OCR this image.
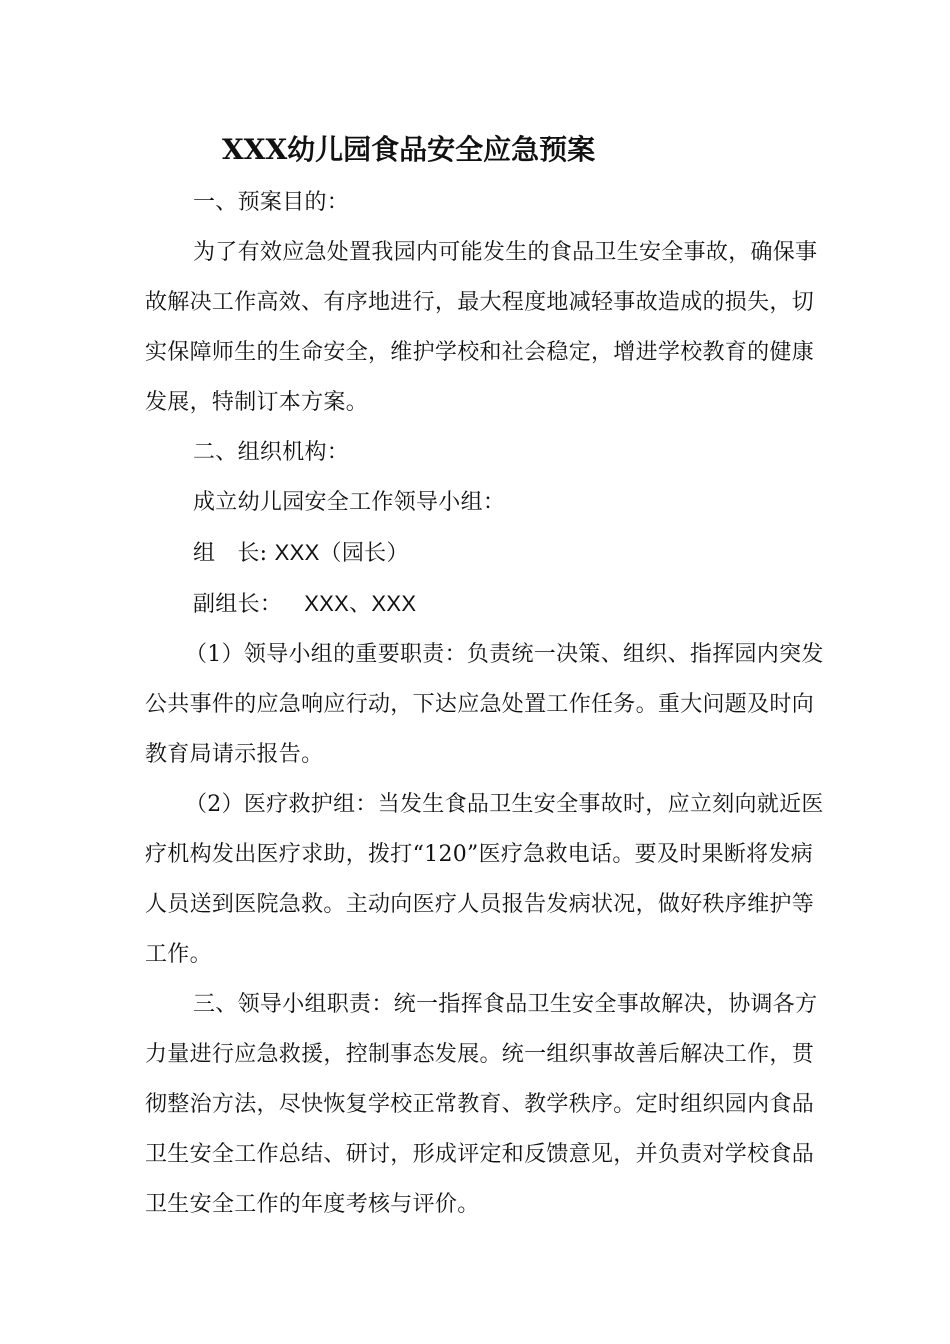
XXX幼儿园食品安全应急预案

一、预案目的：

为了有效应急处置我园内可能发生的食品卫生安全事故，确保事故解决工作高效、有序地进行，最大程度地减轻事故造成的损失，切实保障师生的生命安全，维护学校和社会稳定，增进学校教育的健康发展，特制订本方案。

二、组织机构：

成立幼儿园安全工作领导小组：

组 长: XXX（园长）

副组长： XXX、XXX

（1）领导小组的重要职责：负责统一决策、组织、指挥园内突发公共事件的应急响应行动，下达应急处置工作任务。重大问题及时向教育局请示报告。

（2）医疗救护组：当发生食品卫生安全事故时，应立刻向就近医疗机构发出医疗求助，拨打“120”医疗急救电话。要及时果断将发病人员送到医院急救。主动向医疗人员报告发病状况，做好秩序维护等工作。

三、领导小组职责：统一指挥食品卫生安全事故解决，协调各方力量进行应急救援，控制事态发展。统一组织事故善后解决工作，贯彻整治方法，尽快恢复学校正常教育、教学秩序。定时组织园内食品卫生安全工作总结、研讨，形成评定和反馈意见，并负责对学校食品卫生安全工作的年度考核与评价。
